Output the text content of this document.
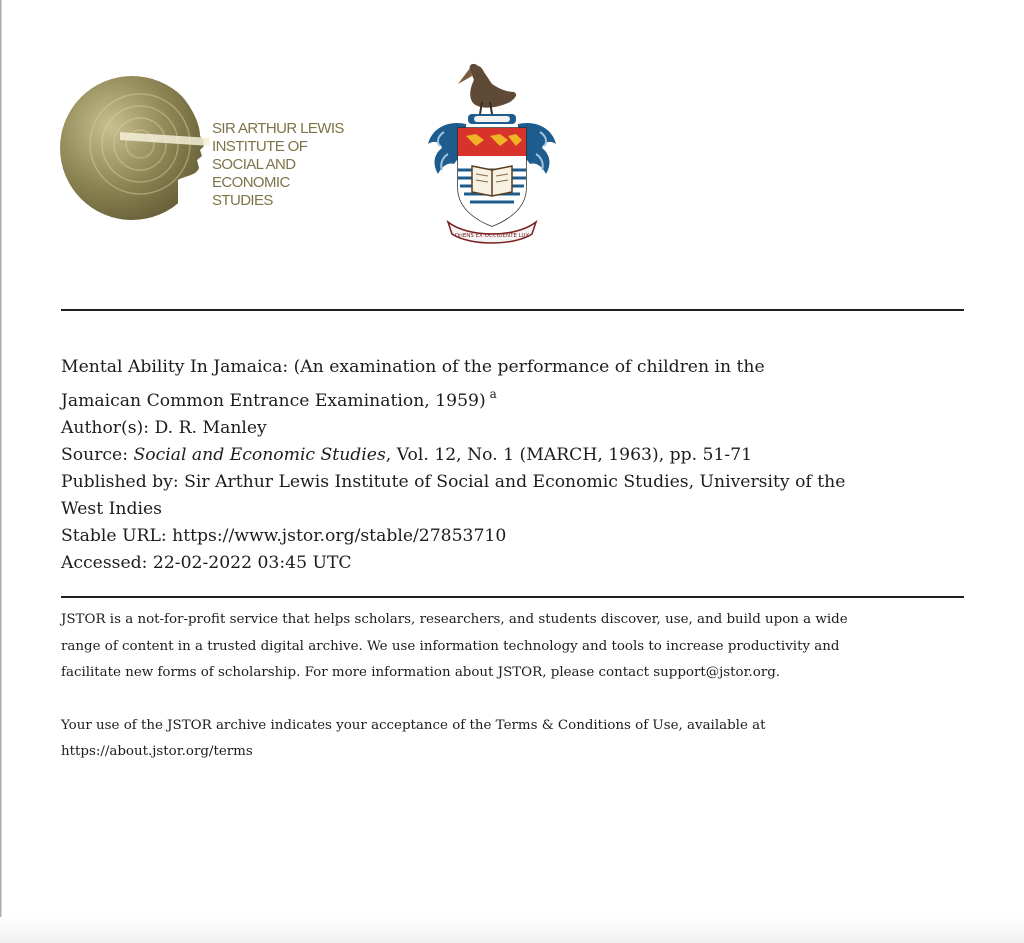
SIR ARTHUR LEWIS
INSTITUTE OF
SOCIAL AND
ECONOMIC
STUDIES
OriENS EX OCCIDENTE LUX
Mental Ability In Jamaica: (An examination of the performance of children in the
Jamaican Common Entrance Examination, 1959) $^a$
Author(s): D. R. Manley
Source: Social and Economic Studies, Vol. 12, No. 1 (MARCH, 1963), pp. 51-71
Published by: Sir Arthur Lewis Institute of Social and Economic Studies, University of the
West Indies
Stable URL: https://www.jstor.org/stable/27853710
Accessed: 22-02-2022 03:45 UTC
JSTOR is a not-for-profit service that helps scholars, researchers, and students discover, use, and build upon a wide
range of content in a trusted digital archive. We use information technology and tools to increase productivity and
facilitate new forms of scholarship. For more information about JSTOR, please contact support@jstor.org.
Your use of the JSTOR archive indicates your acceptance of the Terms & Conditions of Use, available at
https://about.jstor.org/terms
